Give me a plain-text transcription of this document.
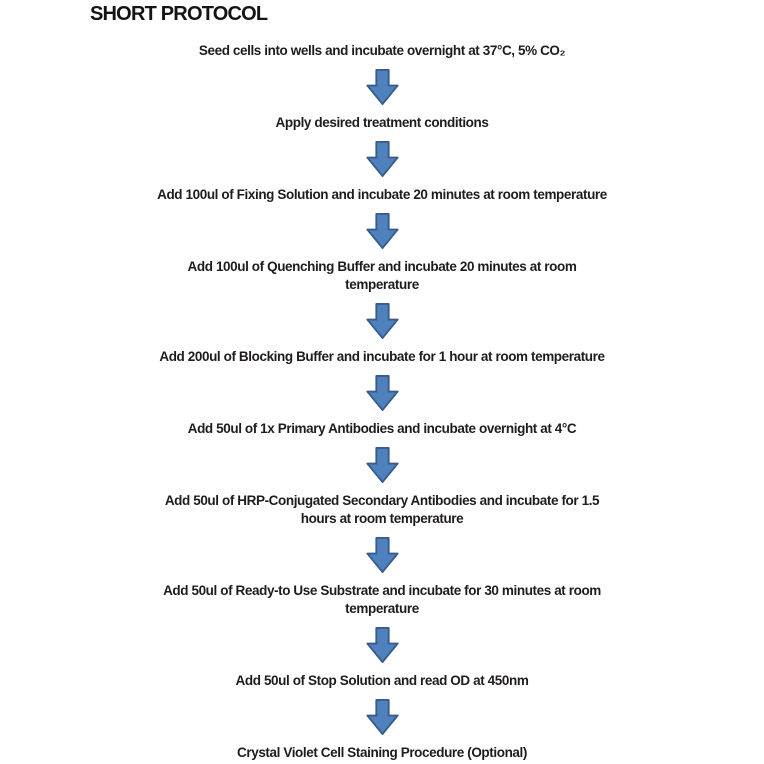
SHORT PROTOCOL
Seed cells into wells and incubate overnight at 37°C, 5% CO₂
Apply desired treatment conditions
Add 100ul of Fixing Solution and incubate 20 minutes at room temperature
Add 100ul of Quenching Buffer and incubate 20 minutes at room
temperature
Add 200ul of Blocking Buffer and incubate for 1 hour at room temperature
Add 50ul of 1x Primary Antibodies and incubate overnight at 4°C
Add 50ul of HRP-Conjugated Secondary Antibodies and incubate for 1.5
hours at room temperature
Add 50ul of Ready-to Use Substrate and incubate for 30 minutes at room
temperature
Add 50ul of Stop Solution and read OD at 450nm
Crystal Violet Cell Staining Procedure (Optional)
